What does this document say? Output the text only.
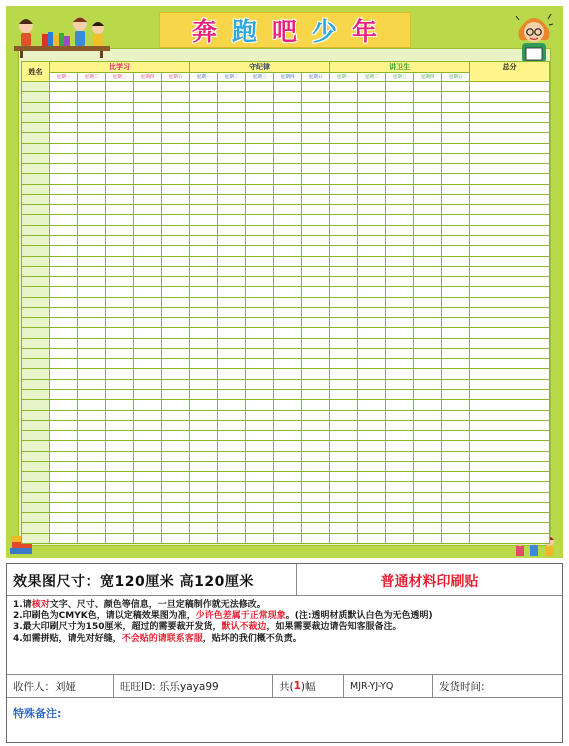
奔 跑 吧 少 年
姓名	比学习					守纪律					讲卫生					总分
	星期一	星期二	星期三	星期四	星期五	星期一	星期二	星期三	星期四	星期五	星期一	星期二	星期三	星期四	星期五	

效果图尺寸：宽120厘米 高120厘米	普通材料印刷贴
1.请核对文字、尺寸、颜色等信息，一旦定稿制作就无法修改。
2.印刷色为CMYK色，请以定稿效果图为准，少许色差属于正常现象。(注:透明材质默认白色为无色透明)
3.最大印刷尺寸为150厘米，超过的需要裁开发货，默认不裁边，如果需要裁边请告知客服备注。
4.如需拼贴，请先对好缝，不会贴的请联系客服，贴坏的我们概不负责。
收件人：刘娅	旺旺ID: 乐乐yaya99	共( 1 )幅	MJR-YJ-YQ	发货时间:
特殊备注:
